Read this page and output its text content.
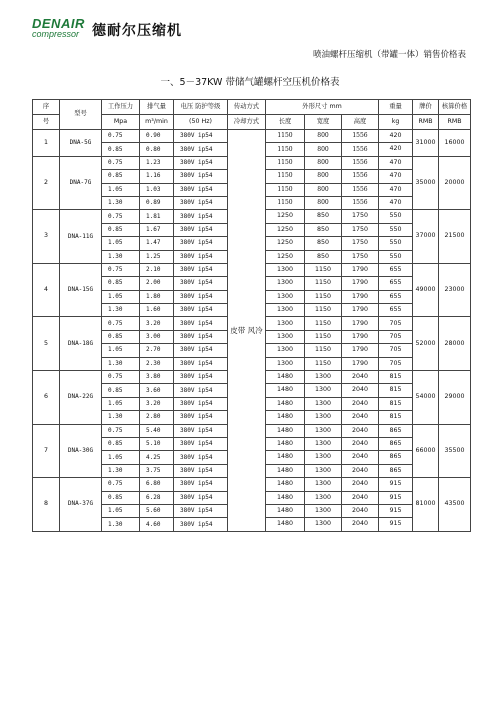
DENAIR
compressor 德耐尔压缩机
喷油螺杆压缩机（带罐一体）销售价格表
一、5－37KW 带储气罐螺杆空压机价格表
序	型号	工作压力	排气量	电压 防护等级	传动方式	外形尺寸 mm			重量	牌价	核算价格
号		Mpa	m³/min	(50 Hz)	冷却方式	长度	宽度	高度	kg	RMB	RMB
1	DNA-5G	0.75	0.90	380V ip54	皮带 风冷	1150	800	1556	420	31000	16000
		0.85	0.80	380V ip54		1150	800	1556	420		
2	DNA-7G	0.75	1.23	380V ip54		1150	800	1556	470	35000	20000
		0.85	1.16	380V ip54		1150	800	1556	470		
		1.05	1.03	380V ip54		1150	800	1556	470		
		1.30	0.89	380V ip54		1150	800	1556	470		
3	DNA-11G	0.75	1.81	380V ip54		1250	850	1750	550	37000	21500
		0.85	1.67	380V ip54		1250	850	1750	550		
		1.05	1.47	380V ip54		1250	850	1750	550		
		1.30	1.25	380V ip54		1250	850	1750	550		
4	DNA-15G	0.75	2.10	380V ip54		1300	1150	1790	655	49000	23000
		0.85	2.00	380V ip54		1300	1150	1790	655		
		1.05	1.80	380V ip54		1300	1150	1790	655		
		1.30	1.60	380V ip54		1300	1150	1790	655		
5	DNA-18G	0.75	3.20	380V ip54		1300	1150	1790	705	52000	28000
		0.85	3.00	380V ip54		1300	1150	1790	705		
		1.05	2.70	380V ip54		1300	1150	1790	705		
		1.30	2.30	380V ip54		1300	1150	1790	705		
6	DNA-22G	0.75	3.80	380V ip54		1480	1300	2040	815	54000	29000
		0.85	3.60	380V ip54		1480	1300	2040	815		
		1.05	3.20	380V ip54		1480	1300	2040	815		
		1.30	2.80	380V ip54		1480	1300	2040	815		
7	DNA-30G	0.75	5.40	380V ip54		1480	1300	2040	865	66000	35500
		0.85	5.10	380V ip54		1480	1300	2040	865		
		1.05	4.25	380V ip54		1480	1300	2040	865		
		1.30	3.75	380V ip54		1480	1300	2040	865		
8	DNA-37G	0.75	6.80	380V ip54		1480	1300	2040	915	81000	43500
		0.85	6.28	380V ip54		1480	1300	2040	915		
		1.05	5.60	380V ip54		1480	1300	2040	915		
		1.30	4.60	380V ip54		1480	1300	2040	915		
